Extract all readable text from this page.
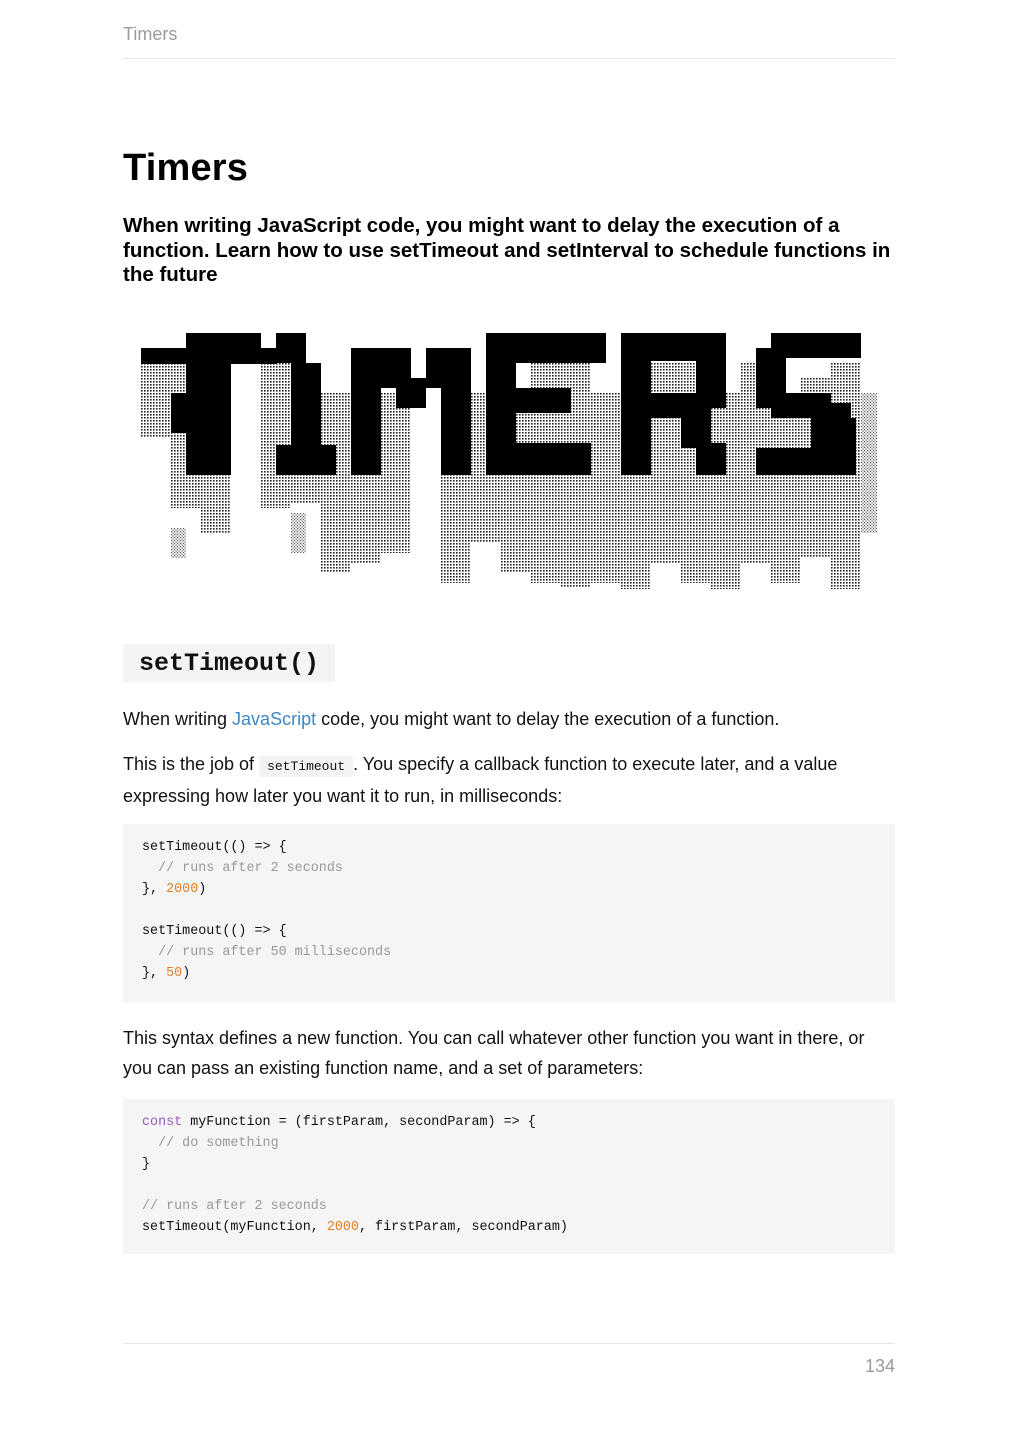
Timers
Timers

When writing JavaScript code, you might want to delay the execution of a function. Learn how to use setTimeout and setInterval to schedule functions in the future

setTimeout()

When writing JavaScript code, you might want to delay the execution of a function.

This is the job of setTimeout . You specify a callback function to execute later, and a value expressing how later you want it to run, in milliseconds:

setTimeout(() => {
// runs after 2 seconds
}, 2000)
setTimeout(() => {
// runs after 50 milliseconds
}, 50)

This syntax defines a new function. You can call whatever other function you want in there, or you can pass an existing function name, and a set of parameters:

const myFunction = (firstParam, secondParam) => {
// do something
}
// runs after 2 seconds
setTimeout(myFunction, 2000, firstParam, secondParam)
134
